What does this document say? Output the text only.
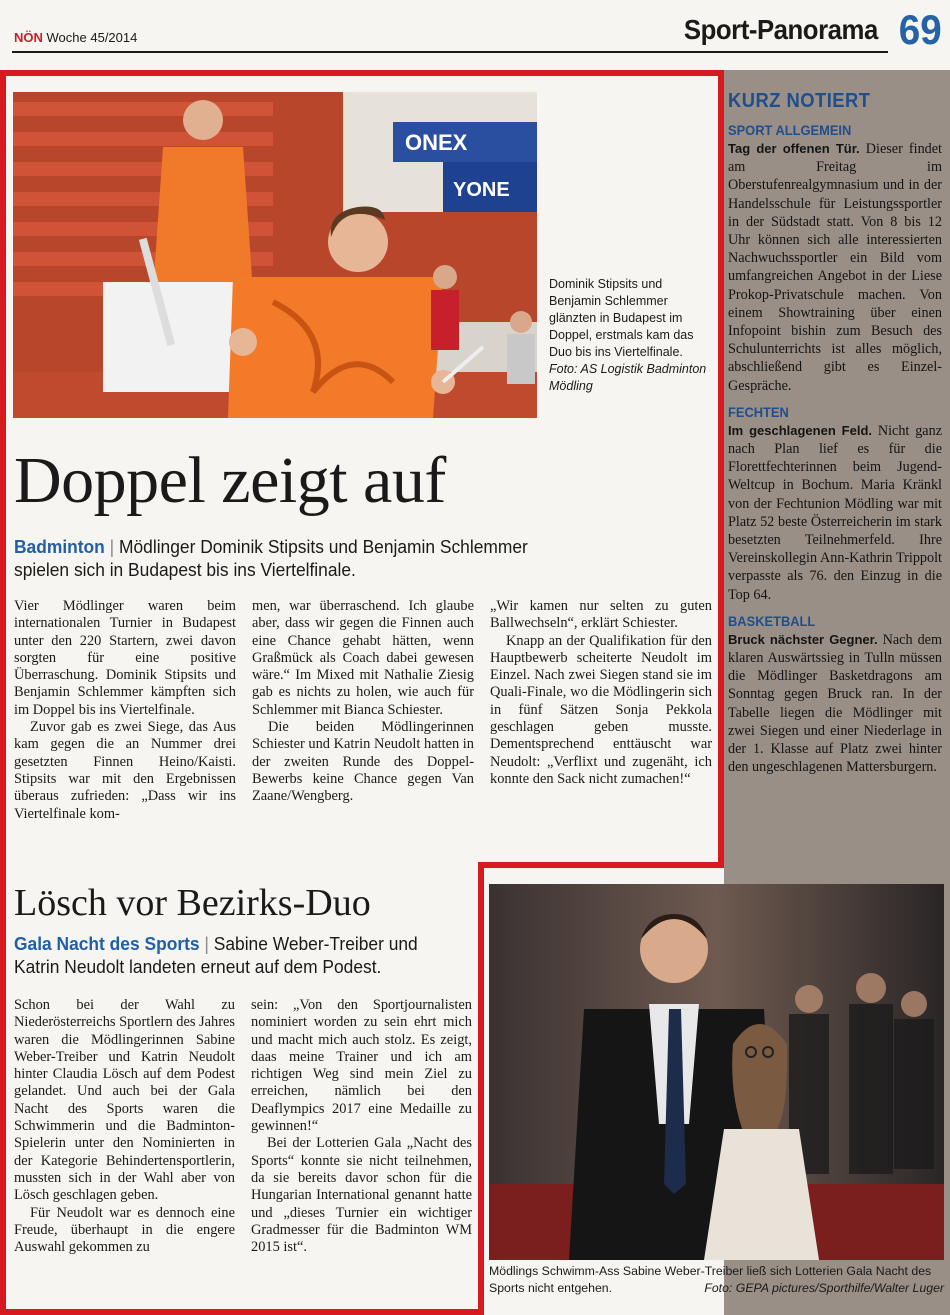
NÖN Woche 45/2014	Sport-Panorama 69
KURZ NOTIERT
SPORT ALLGEMEIN

Tag der offenen Tür. Dieser findet am Freitag im Oberstufenrealgymnasium und in der Handelsschule für Leistungssportler in der Südstadt statt. Von 8 bis 12 Uhr können sich alle interessierten Nachwuchssportler ein Bild vom umfangreichen Angebot in der Liese Prokop-Privatschule machen. Von einem Showtraining über einen Infopoint bishin zum Besuch des Schulunterrichts ist alles möglich, abschließend gibt es Einzel-Gespräche.

FECHTEN

Im geschlagenen Feld. Nicht ganz nach Plan lief es für die Florettfechterinnen beim Jugend-Weltcup in Bochum. Maria Kränkl von der Fechtunion Mödling war mit Platz 52 beste Österreicherin im stark besetzten Teilnehmerfeld. Ihre Vereinskollegin Ann-Kathrin Trippolt verpasste als 76. den Einzug in die Top 64.

BASKETBALL

Bruck nächster Gegner. Nach dem klaren Auswärtssieg in Tulln müssen die Mödlinger Basketdragons am Sonntag gegen Bruck ran. In der Tabelle liegen die Mödlinger mit zwei Siegen und einer Niederlage in der 1. Klasse auf Platz zwei hinter den ungeschlagenen Mattersburgern.

ONEX
YONE
Dominik Stipsits und Benjamin Schlemmer glänzten in Budapest im Doppel, erstmals kam das Duo bis ins Viertelfinale. Foto: AS Logistik Badminton Mödling
Doppel zeigt auf
Badminton | Mödlinger Dominik Stipsits und Benjamin Schlemmer spielen sich in Budapest bis ins Viertelfinale.

Vier Mödlinger waren beim internationalen Turnier in Budapest unter den 220 Startern, zwei davon sorgten für eine positive Überraschung. Dominik Stipsits und Benjamin Schlemmer kämpften sich im Doppel bis ins Viertelfinale.

Zuvor gab es zwei Siege, das Aus kam gegen die an Nummer drei gesetzten Finnen Heino/Kaisti. Stipsits war mit den Ergebnissen überaus zufrieden: „Dass wir ins Viertelfinale kom-

men, war überraschend. Ich glaube aber, dass wir gegen die Finnen auch eine Chance gehabt hätten, wenn Graßmück als Coach dabei gewesen wäre.“ Im Mixed mit Nathalie Ziesig gab es nichts zu holen, wie auch für Schlemmer mit Bianca Schiester.

Die beiden Mödlingerinnen Schiester und Katrin Neudolt hatten in der zweiten Runde des Doppel-Bewerbs keine Chance gegen Van Zaane/Wengberg.

„Wir kamen nur selten zu guten Ballwechseln“, erklärt Schiester.

Knapp an der Qualifikation für den Hauptbewerb scheiterte Neudolt im Einzel. Nach zwei Siegen stand sie im Quali-Finale, wo die Mödlingerin sich in fünf Sätzen Sonja Pekkola geschlagen geben musste. Dementsprechend enttäuscht war Neudolt: „Verflixt und zugenäht, ich konnte den Sack nicht zumachen!“

Lösch vor Bezirks-Duo
Gala Nacht des Sports | Sabine Weber-Treiber und Katrin Neudolt landeten erneut auf dem Podest.

Schon bei der Wahl zu Niederösterreichs Sportlern des Jahres waren die Mödlingerinnen Sabine Weber-Treiber und Katrin Neudolt hinter Claudia Lösch auf dem Podest gelandet. Und auch bei der Gala Nacht des Sports waren die Schwimmerin und die Badminton-Spielerin unter den Nominierten in der Kategorie Behindertensportlerin, mussten sich in der Wahl aber von Lösch geschlagen geben.

Für Neudolt war es dennoch eine Freude, überhaupt in die engere Auswahl gekommen zu

sein: „Von den Sportjournalisten nominiert worden zu sein ehrt mich und macht mich auch stolz. Es zeigt, daas meine Trainer und ich am richtigen Weg sind mein Ziel zu erreichen, nämlich bei den Deaflympics 2017 eine Medaille zu gewinnen!“

Bei der Lotterien Gala „Nacht des Sports“ konnte sie nicht teilnehmen, da sie bereits davor schon für die Hungarian International genannt hatte und „dieses Turnier ein wichtiger Gradmesser für die Badminton WM 2015 ist“.

Mödlings Schwimm-Ass Sabine Weber-Treiber ließ sich Lotterien Gala Nacht des Sports nicht entgehen.	Foto: GEPA pictures/Sporthilfe/Walter Luger
